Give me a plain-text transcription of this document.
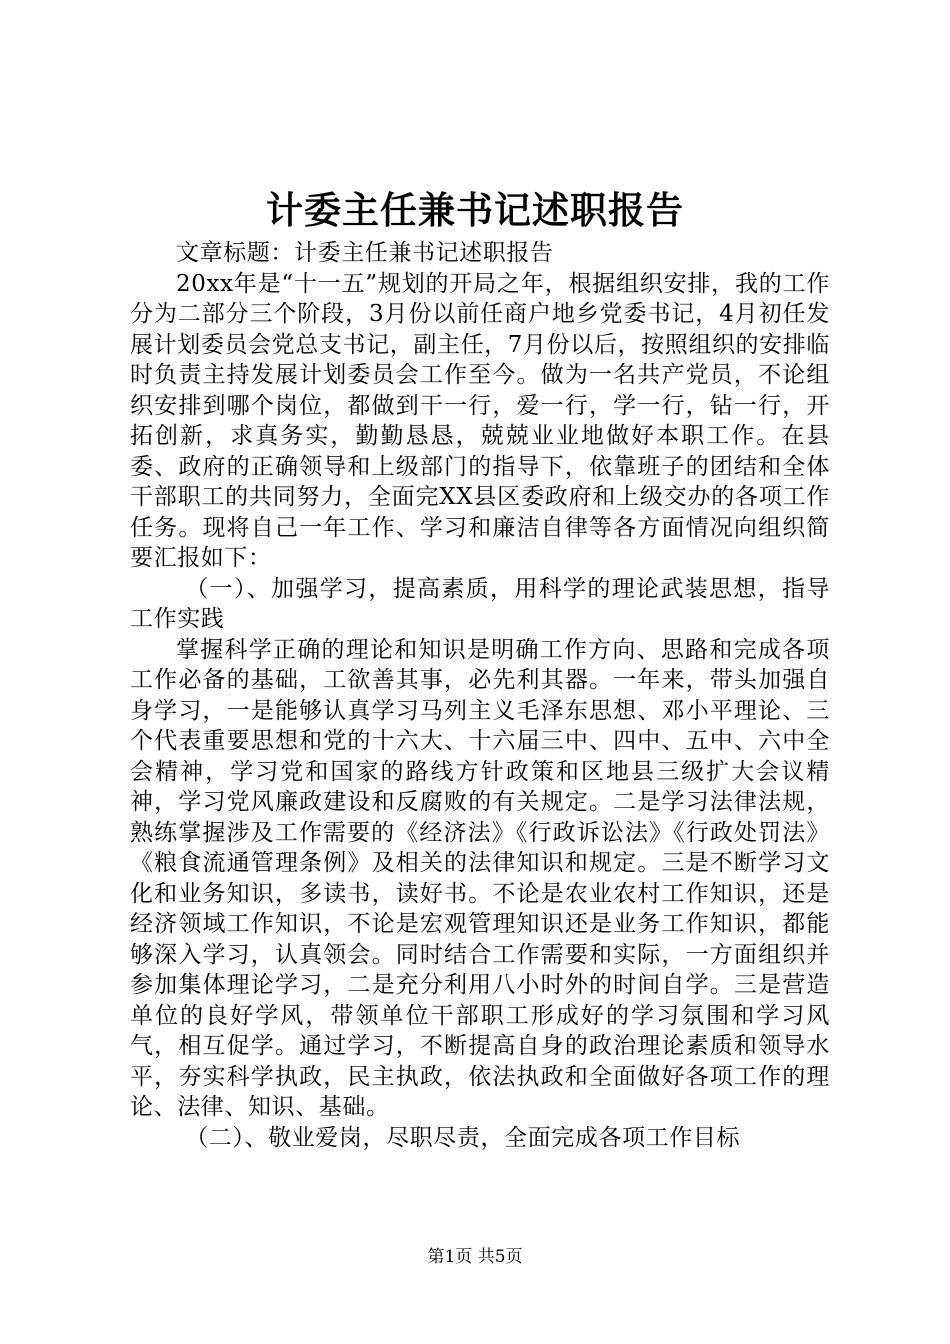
计委主任兼书记述职报告

文章标题：计委主任兼书记述职报告

20xx年是“十一五”规划的开局之年，根据组织安排，我的工作分为二部分三个阶段，3月份以前任商户地乡党委书记，4月初任发展计划委员会党总支书记，副主任，7月份以后，按照组织的安排临时负责主持发展计划委员会工作至今。做为一名共产党员，不论组织安排到哪个岗位，都做到干一行，爱一行，学一行，钻一行，开拓创新，求真务实，勤勤恳恳，兢兢业业地做好本职工作。在县委、政府的正确领导和上级部门的指导下，依靠班子的团结和全体干部职工的共同努力，全面完XX县区委政府和上级交办的各项工作任务。现将自己一年工作、学习和廉洁自律等各方面情况向组织简要汇报如下：

（一）、加强学习，提高素质，用科学的理论武装思想，指导工作实践

掌握科学正确的理论和知识是明确工作方向、思路和完成各项工作必备的基础，工欲善其事，必先利其器。一年来，带头加强自身学习，一是能够认真学习马列主义毛泽东思想、邓小平理论、三个代表重要思想和党的十六大、十六届三中、四中、五中、六中全会精神，学习党和国家的路线方针政策和区地县三级扩大会议精神，学习党风廉政建设和反腐败的有关规定。二是学习法律法规，熟练掌握涉及工作需要的《经济法》《行政诉讼法》《行政处罚法》《粮食流通管理条例》及相关的法律知识和规定。三是不断学习文化和业务知识，多读书，读好书。不论是农业农村工作知识，还是经济领域工作知识，不论是宏观管理知识还是业务工作知识，都能够深入学习，认真领会。同时结合工作需要和实际，一方面组织并参加集体理论学习，二是充分利用八小时外的时间自学。三是营造单位的良好学风，带领单位干部职工形成好的学习氛围和学习风气，相互促学。通过学习，不断提高自身的政治理论素质和领导水平，夯实科学执政，民主执政，依法执政和全面做好各项工作的理论、法律、知识、基础。

（二）、敬业爱岗，尽职尽责，全面完成各项工作目标

第1页 共5页
